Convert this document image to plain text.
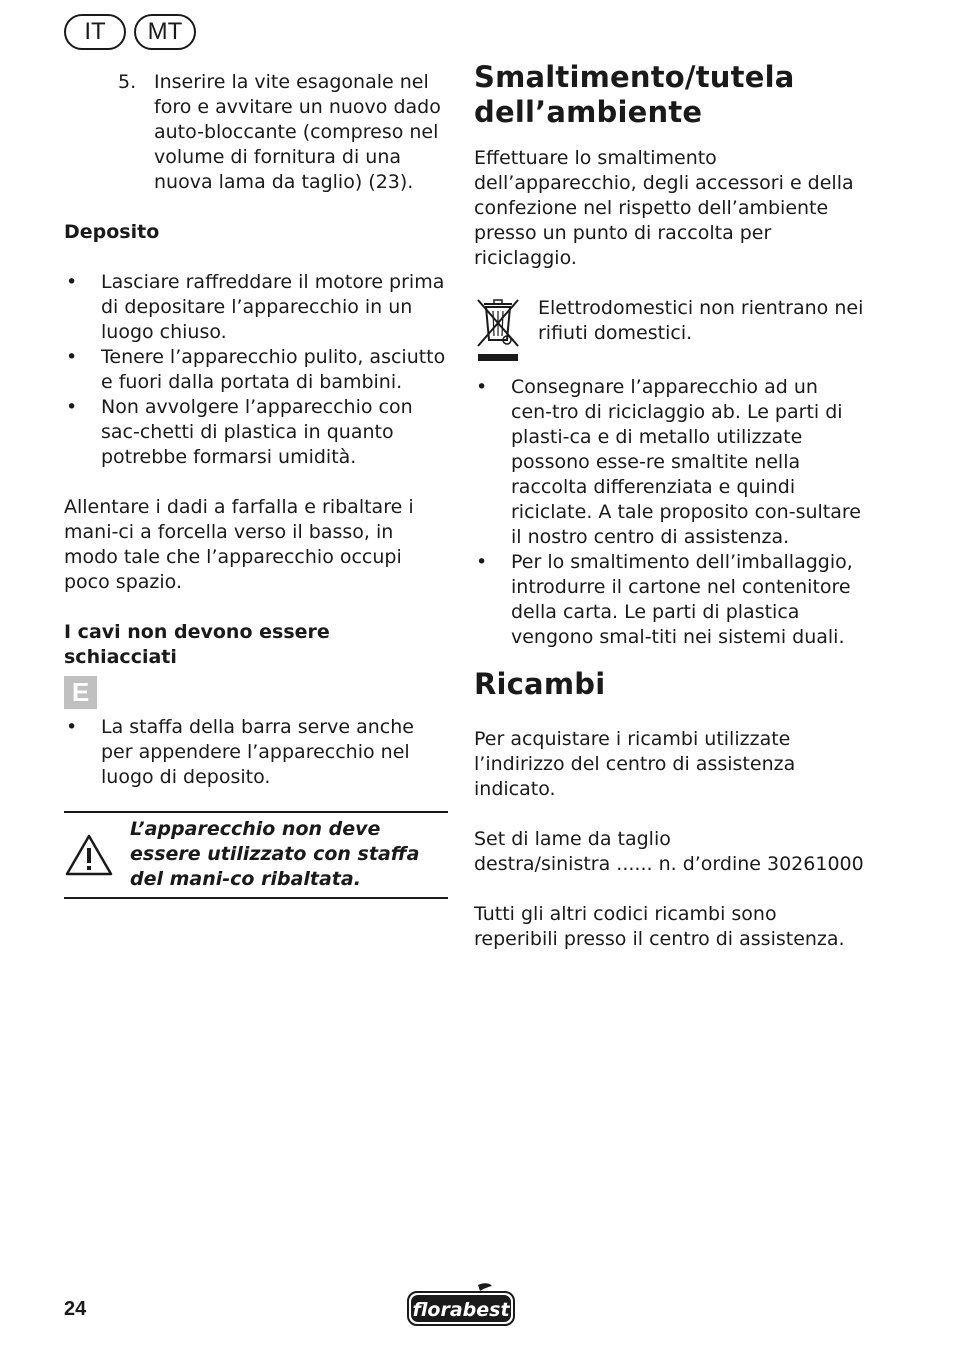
IT	MT
5. Inserire la vite esagonale nel foro e avvitare un nuovo dado auto-bloccante (compreso nel volume di fornitura di una nuova lama da taglio) (23).

Deposito

•	Lasciare raffreddare il motore prima di depositare l’apparecchio in un luogo chiuso.
•	Tenere l’apparecchio pulito, asciutto e fuori dalla portata di bambini.
•	Non avvolgere l’apparecchio con sac-chetti di plastica in quanto potrebbe formarsi umidità.

Allentare i dadi a farfalla e ribaltare i mani-ci a forcella verso il basso, in modo tale che l’apparecchio occupi poco spazio.

I cavi non devono essere schiacciati

E
•	La staffa della barra serve anche per appendere l’apparecchio nel luogo di deposito.
L’apparecchio non deve essere utilizzato con staffa del mani-co ribaltata.
Smaltimento/tutela dell’ambiente

Effettuare lo smaltimento dell’apparecchio, degli accessori e della confezione nel rispetto dell’ambiente presso un punto di raccolta per riciclaggio.

Elettrodomestici non rientrano nei rifiuti domestici.

•	Consegnare l’apparecchio ad un cen-tro di riciclaggio ab. Le parti di plasti-ca e di metallo utilizzate possono esse-re smaltite nella raccolta differenziata e quindi riciclate. A tale proposito con-sultare il nostro centro di assistenza.
•	Per lo smaltimento dell’imballaggio, introdurre il cartone nel contenitore della carta. Le parti di plastica vengono smal-titi nei sistemi duali.
Ricambi

Per acquistare i ricambi utilizzate l’indirizzo del centro di assistenza indicato.

Set di lame da taglio

destra/sinistra ...... n. d’ordine 30261000

Tutti gli altri codici ricambi sono reperibili presso il centro di assistenza.

24	florabest
